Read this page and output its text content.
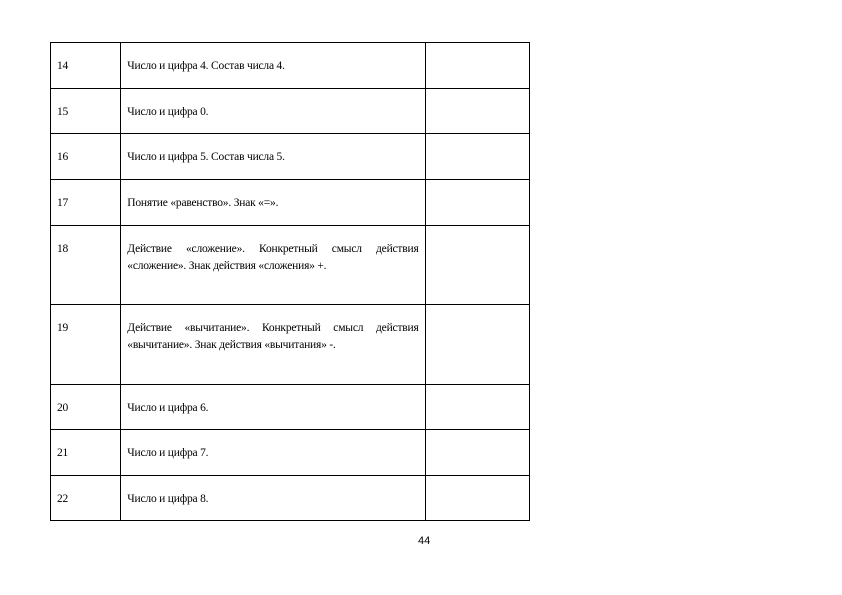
14	Число и цифра 4. Состав числа 4.	

15	Число и цифра 0.	

16	Число и цифра 5. Состав числа 5.	

17	Понятие «равенство». Знак «=».	

18	Действие «сложение». Конкретный смысл действия «сложение». Знак действия «сложения» +.	

19	Действие «вычитание». Конкретный смысл действия «вычитание». Знак действия «вычитания» -.	

20	Число и цифра 6.	

21	Число и цифра 7.	

22	Число и цифра 8.	

44
